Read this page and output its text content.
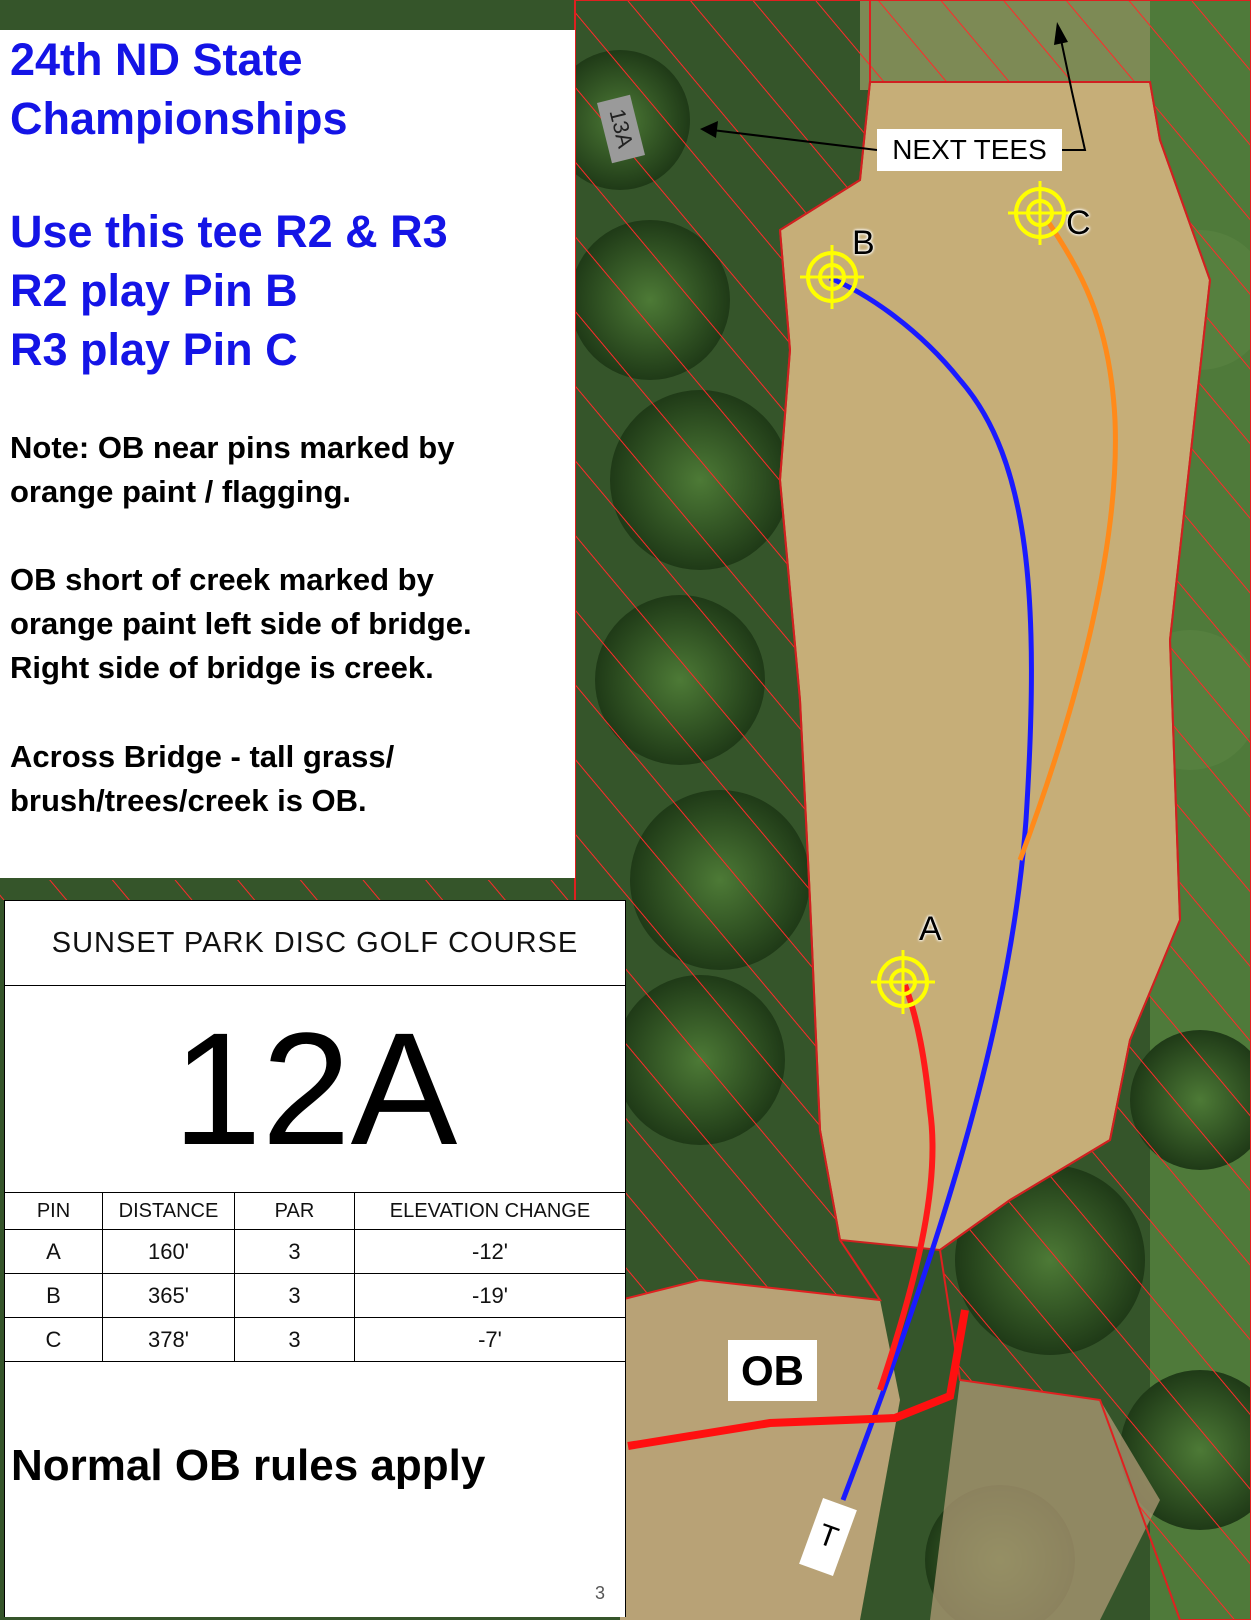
13A	NEXT TEES
B
C
A
OB
T

24th ND State

Championships

Use this tee R2 & R3

R2 play Pin B

R3 play Pin C

Note: OB near pins marked by

orange paint / flagging.

OB short of creek marked by

orange paint left side of bridge.

Right side of bridge is creek.

Across Bridge - tall grass/

brush/trees/creek is OB.

SUNSET PARK DISC GOLF COURSE
12A
PIN	DISTANCE	PAR	ELEVATION CHANGE
A	160'	3	-12'
B	365'	3	-19'
C	378'	3	-7'

Normal OB rules apply

3
